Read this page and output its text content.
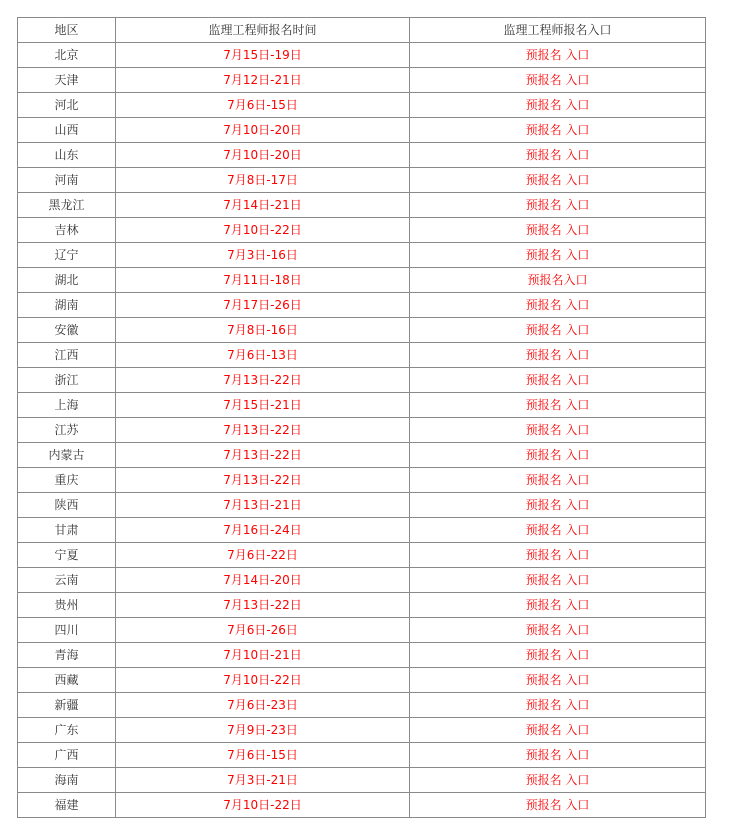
地区	监理工程师报名时间	监理工程师报名入口
北京	7月15日-19日	预报名 入口
天津	7月12日-21日	预报名 入口
河北	7月6日-15日	预报名 入口
山西	7月10日-20日	预报名 入口
山东	7月10日-20日	预报名 入口
河南	7月8日-17日	预报名 入口
黑龙江	7月14日-21日	预报名 入口
吉林	7月10日-22日	预报名 入口
辽宁	7月3日-16日	预报名 入口
湖北	7月11日-18日	预报名入口
湖南	7月17日-26日	预报名 入口
安徽	7月8日-16日	预报名 入口
江西	7月6日-13日	预报名 入口
浙江	7月13日-22日	预报名 入口
上海	7月15日-21日	预报名 入口
江苏	7月13日-22日	预报名 入口
内蒙古	7月13日-22日	预报名 入口
重庆	7月13日-22日	预报名 入口
陕西	7月13日-21日	预报名 入口
甘肃	7月16日-24日	预报名 入口
宁夏	7月6日-22日	预报名 入口
云南	7月14日-20日	预报名 入口
贵州	7月13日-22日	预报名 入口
四川	7月6日-26日	预报名 入口
青海	7月10日-21日	预报名 入口
西藏	7月10日-22日	预报名 入口
新疆	7月6日-23日	预报名 入口
广东	7月9日-23日	预报名 入口
广西	7月6日-15日	预报名 入口
海南	7月3日-21日	预报名 入口
福建	7月10日-22日	预报名 入口
